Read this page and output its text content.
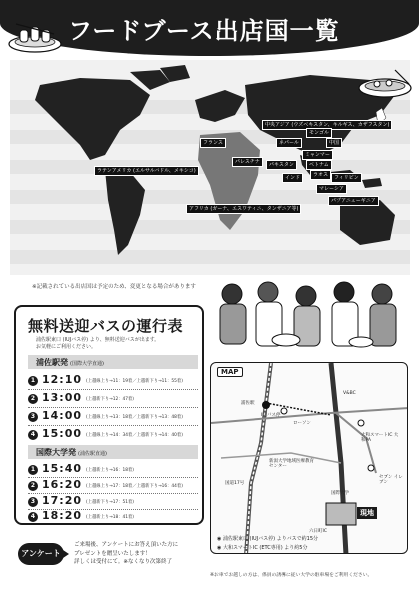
フードブース出店国一覧
中央アジア (ウズベキスタン、キルギス、カザフスタン)
モンゴル
ネパール	中国
フランス
ミャンマー
ベトナム
パレスチナ	パキスタン
ラオス	フィリピン
インド
ラテンアメリカ (エルサルバドル、メキシコ)
マレーシア
アフリカ (ガーナ、エスワティニ、タンザニア等)
パプアニューギニア
※記載されている出店国は予定のため、変更となる場合があります
無料送迎バスの運行表
浦佐駅東口 (IUJバス停) より、無料送迎バスが出ます。
お気軽にご利用ください。
浦佐駅発 (国際大学直通)
1 12:10 (上越線上り→11：19着／上越新下り→11：55着)
2 13:00 (上越新下り→12：47着)
3 14:00 (上越線上り→13：18着／上越新下り→13：48着)
4 15:00 (上越線上り→14：34着／上越新下り→14：40着)
国際大学発 (浦佐駅直通)
1 15:40 (上越新上り→16：18着)
2 16:20 (上越線上り→17：18着／上越新下り→16：44着)
3 17:20 (上越新下り→17：51着)
4 18:20 (上越新上り→18：41着)
MAP
浦佐駅
IUJバス停
ローソン
大和スマートIC 大和PA
V&BC
新潟大学地域医療教育センター
セブン イレブン
国際大学
国道17号
六日町IC
現地
◉ 浦佐駅東口 (IUJバス停) よりバスで約15分
◉ 大和スマートIC (ETC専用) より約5分
アンケート
ご来場後、アンケートにお答え頂いた方に
プレゼントを贈呈いたします！
詳しくは受付にて。※なくなり次第終了
※お車でお越しの方は、係員の誘導に従い大学の駐車場をご利用ください。
